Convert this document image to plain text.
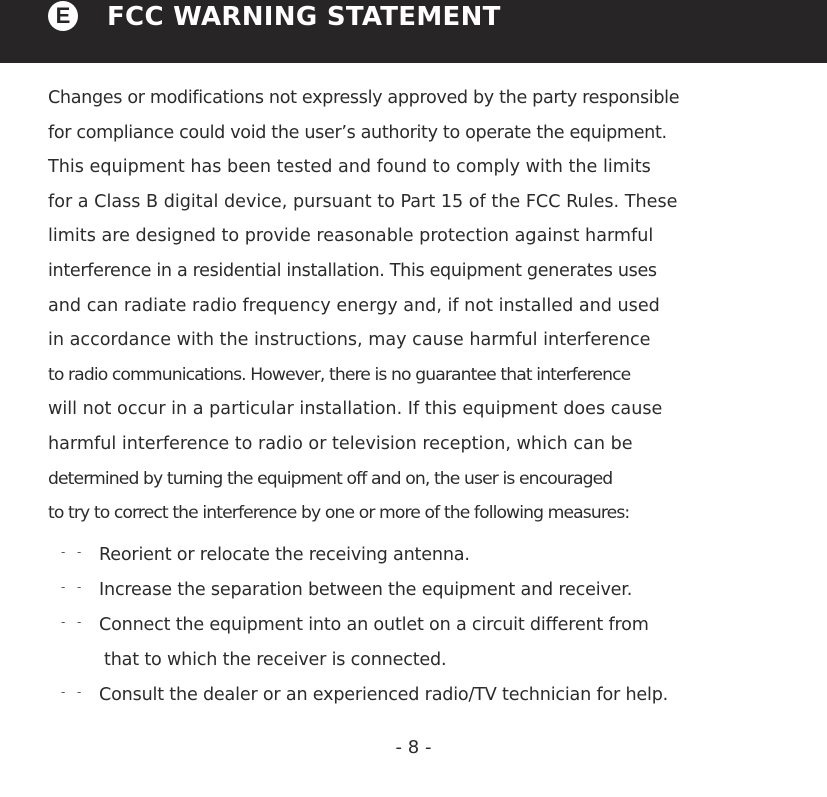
E FCC WARNING STATEMENT
Changes or modifications not expressly approved by the party responsible
for compliance could void the user’s authority to operate the equipment.
This equipment has been tested and found to comply with the limits
for a Class B digital device, pursuant to Part 15 of the FCC Rules. These
limits are designed to provide reasonable protection against harmful
interference in a residential installation. This equipment generates uses
and can radiate radio frequency energy and, if not installed and used
in accordance with the instructions, may cause harmful interference
to radio communications. However, there is no guarantee that interference
will not occur in a particular installation. If this equipment does cause
harmful interference to radio or television reception, which can be
determined by turning the equipment off and on, the user is encouraged
to try to correct the interference by one or more of the following measures:
- - Reorient or relocate the receiving antenna.
- - Increase the separation between the equipment and receiver.
- - Connect the equipment into an outlet on a circuit different from
that to which the receiver is connected.
- - Consult the dealer or an experienced radio/TV technician for help.
- 8 -
